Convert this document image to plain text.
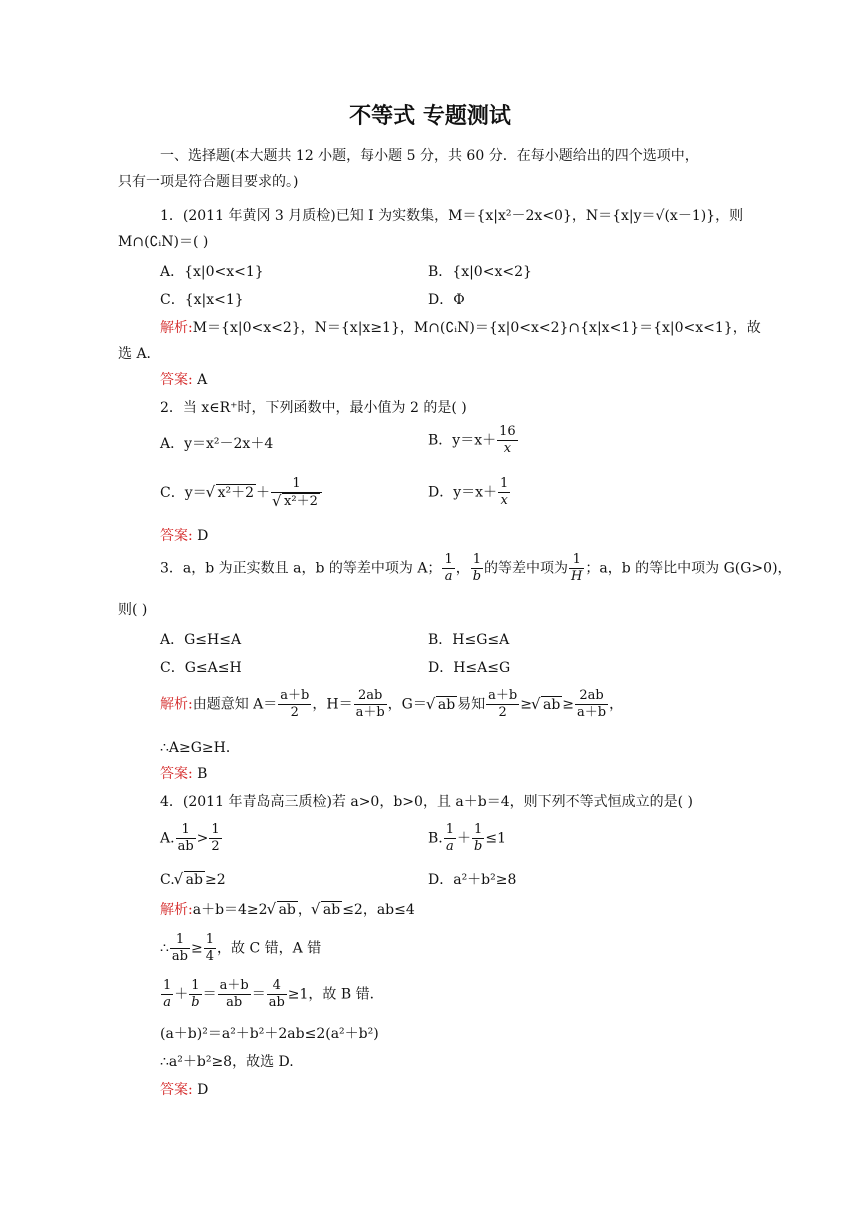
不等式 专题测试
一、选择题(本大题共 12 小题，每小题 5 分，共 60 分．在每小题给出的四个选项中，
只有一项是符合题目要求的。)
1．(2011 年黄冈 3 月质检)已知 I 为实数集，M＝{x|x²－2x<0}，N＝{x|y＝√(x－1)}，则
M∩(∁ᵢN)＝( )
A．{x|0<x<1}	B．{x|0<x<2}
C．{x|x<1}	D．Φ
解析:M＝{x|0<x<2}，N＝{x|x≥1}，M∩(∁ᵢN)＝{x|0<x<2}∩{x|x<1}＝{x|0<x<1}，故
选 A．
答案: A
2．当 x∈R⁺时，下列函数中，最小值为 2 的是( )
A．y＝x²－2x＋4	B．$y=x+ \frac{16}{x}$
C．y＝ √ x²＋2 ＋ 1
√ x²＋2	D．$y=x+ \frac{1}{x}$
答案: D
3．a，b 为正实数且 a，b 的等差中项为 A； $\frac{1}{a}$ ， $\frac{1}{b}$ 的等差中项为 $\frac{1}{H}$ ；a，b 的等比中项为 G(G>0)，
则( )
A．G≤H≤A	B．H≤G≤A
C．G≤A≤H	D．H≤A≤G
解析:由题意知 $A= \frac{a+b}{2}$ ，$H= \frac{2ab}{a+b}$ ，G＝ √ ab 易知 $\frac{a+b}{2}$ ≥ √ ab ≥ $\frac{2ab}{a+b}$ ，
∴A≥G≥H．
答案: B
4．(2011 年青岛高三质检)若 a>0，b>0，且 a＋b＝4，则下列不等式恒成立的是( )
A. $\frac{1}{ab} > \frac{1}{2}$	B. $\frac{1}{a} + \frac{1}{b} \le 1$
C. √ ab ≥2	D．a²＋b²≥8
解析:a＋b＝4≥2 √ ab ， √ ab ≤2，ab≤4
∴ $\frac{1}{ab} \ge \frac{1}{4}$ ，故 C 错，A 错
$\frac{1}{a} + \frac{1}{b} = \frac{a+b}{ab} = \frac{4}{ab} \ge 1$，故 B 错．
(a＋b)²＝a²＋b²＋2ab≤2(a²＋b²)
∴a²＋b²≥8，故选 D.
答案: D
